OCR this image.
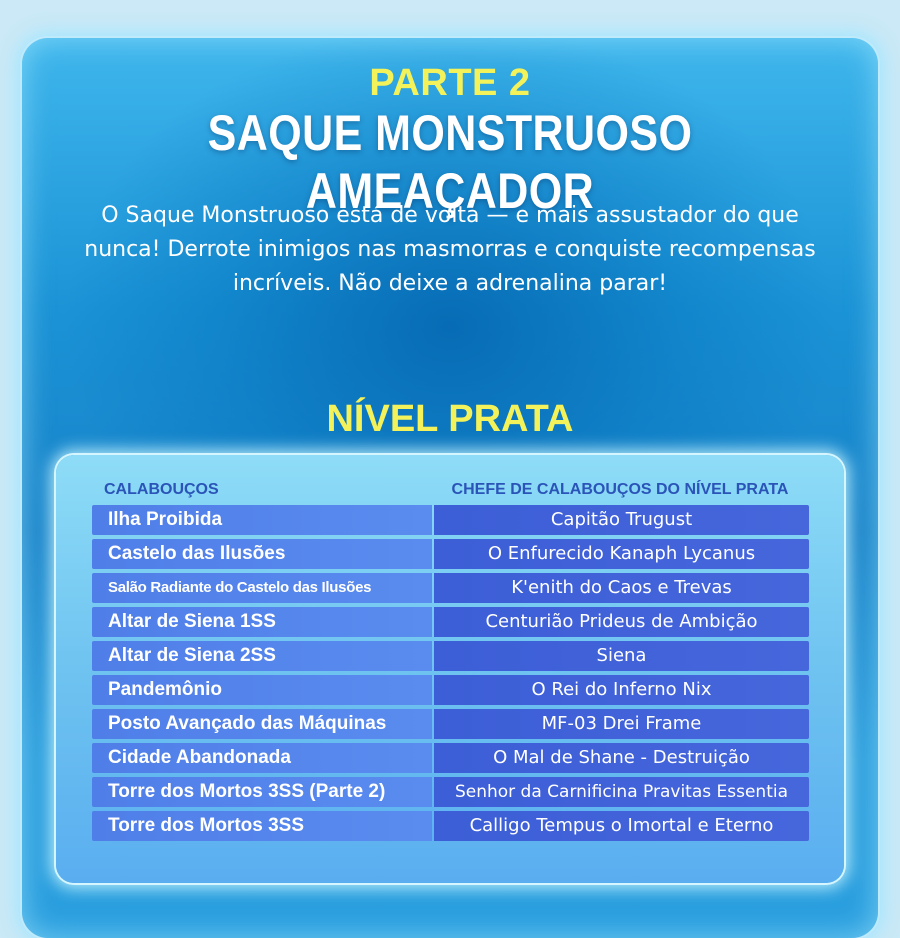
PARTE 2
SAQUE MONSTRUOSO AMEAÇADOR
O Saque Monstruoso está de volta — e mais assustador do que nunca! Derrote inimigos nas masmorras e conquiste recompensas incríveis. Não deixe a adrenalina parar!
NÍVEL PRATA
CALABOUÇOS	CHEFE DE CALABOUÇOS DO NÍVEL PRATA
Ilha Proibida	Capitão Trugust
Castelo das Ilusões	O Enfurecido Kanaph Lycanus
Salão Radiante do Castelo das Ilusões	K'enith do Caos e Trevas
Altar de Siena 1SS	Centurião Prideus de Ambição
Altar de Siena 2SS	Siena
Pandemônio	O Rei do Inferno Nix
Posto Avançado das Máquinas	MF-03 Drei Frame
Cidade Abandonada	O Mal de Shane - Destruição
Torre dos Mortos 3SS (Parte 2)	Senhor da Carnificina Pravitas Essentia
Torre dos Mortos 3SS	Calligo Tempus o Imortal e Eterno
